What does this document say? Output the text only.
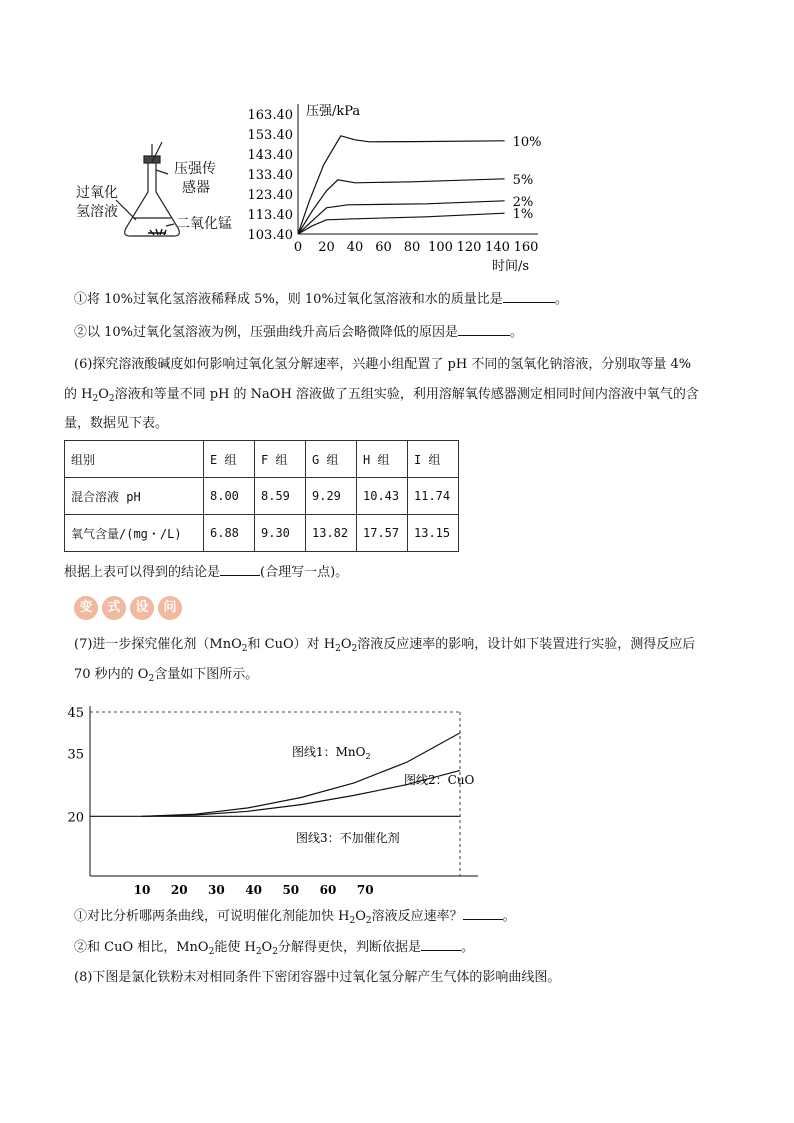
过氧化
氢溶液
压强传
感器
二氧化锰
压强/kPa
时间/s
103.40
113.40
123.40
133.40
143.40
153.40
163.40
0 20 40 60 80 100 120 140 160
10%
5%
2%
1%
①将 10%过氧化氢溶液稀释成 5%，则 10%过氧化氢溶液和水的质量比是	。
②以 10%过氧化氢溶液为例，压强曲线升高后会略微降低的原因是	。
(6)探究溶液酸碱度如何影响过氧化氢分解速率，兴趣小组配置了 pH 不同的氢氧化钠溶液，分别取等量 4%
的 $H_2O_2$溶液和等量不同 pH 的 NaOH 溶液做了五组实验，利用溶解氧传感器测定相同时间内溶液中氧气的含
量，数据见下表。
组别	E 组	F 组	G 组	H 组	I 组
混合溶液 pH	8.00	8.59	9.29	10.43	11.74
氧气含量/(mg・/L)	6.88	9.30	13.82	17.57	13.15
根据上表可以得到的结论是	(合理写一点)。
变	式	设	问
(7)进一步探究催化剂（MnO$_2$和 CuO）对 $H_2O_2$溶液反应速率的影响，设计如下装置进行实验，测得反应后
70 秒内的 $O_2$含量如下图所示。
45
35
20
10 20 30 40 50 60 70
图线1：MnO$_2$
图线2：CuO
图线3：不加催化剂
①对比分析哪两条曲线，可说明催化剂能加快 $H_2O_2$溶液反应速率？	。
②和 CuO 相比，MnO$_2$能使 $H_2O_2$分解得更快，判断依据是	。
(8)下图是氯化铁粉末对相同条件下密闭容器中过氧化氢分解产生气体的影响曲线图。
